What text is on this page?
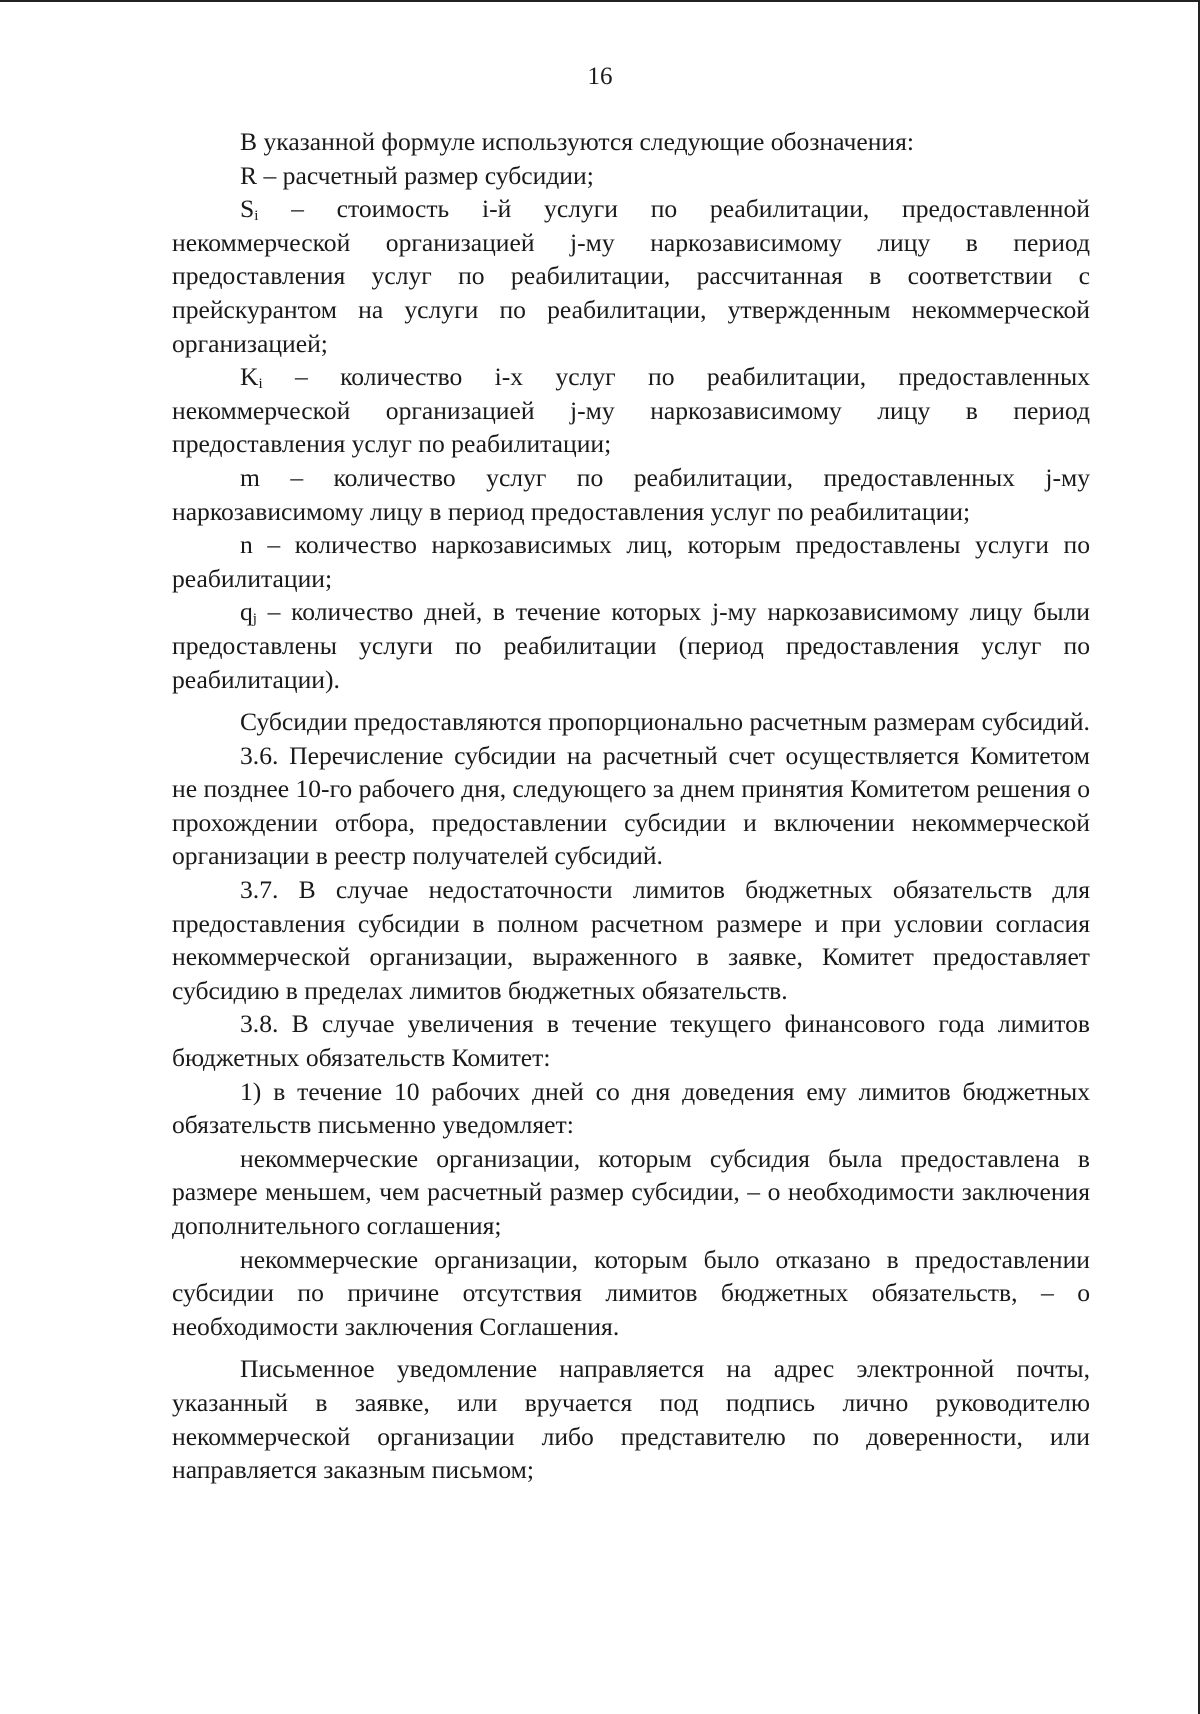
16

В указанной формуле используются следующие обозначения:

R – расчетный размер субсидии;

$S_i$ – стоимость i-й услуги по реабилитации, предоставленной некоммерческой организацией j-му наркозависимому лицу в период предоставления услуг по реабилитации, рассчитанная в соответствии с прейскурантом на услуги по реабилитации, утвержденным некоммерческой организацией;

$K_i$ – количество i-х услуг по реабилитации, предоставленных некоммерческой организацией j-му наркозависимому лицу в период предоставления услуг по реабилитации;

m – количество услуг по реабилитации, предоставленных j-му наркозависимому лицу в период предоставления услуг по реабилитации;

n – количество наркозависимых лиц, которым предоставлены услуги по реабилитации;

$q_j$ – количество дней, в течение которых j-му наркозависимому лицу были предоставлены услуги по реабилитации (период предоставления услуг по реабилитации).

Субсидии предоставляются пропорционально расчетным размерам субсидий.

3.6. Перечисление субсидии на расчетный счет осуществляется Комитетом не позднее 10-го рабочего дня, следующего за днем принятия Комитетом решения о прохождении отбора, предоставлении субсидии и включении некоммерческой организации в реестр получателей субсидий.

3.7. В случае недостаточности лимитов бюджетных обязательств для предоставления субсидии в полном расчетном размере и при условии согласия некоммерческой организации, выраженного в заявке, Комитет предоставляет субсидию в пределах лимитов бюджетных обязательств.

3.8. В случае увеличения в течение текущего финансового года лимитов бюджетных обязательств Комитет:

1) в течение 10 рабочих дней со дня доведения ему лимитов бюджетных обязательств письменно уведомляет:

некоммерческие организации, которым субсидия была предоставлена в размере меньшем, чем расчетный размер субсидии, – о необходимости заключения дополнительного соглашения;

некоммерческие организации, которым было отказано в предоставлении субсидии по причине отсутствия лимитов бюджетных обязательств, – о необходимости заключения Соглашения.

Письменное уведомление направляется на адрес электронной почты, указанный в заявке, или вручается под подпись лично руководителю некоммерческой организации либо представителю по доверенности, или направляется заказным письмом;
